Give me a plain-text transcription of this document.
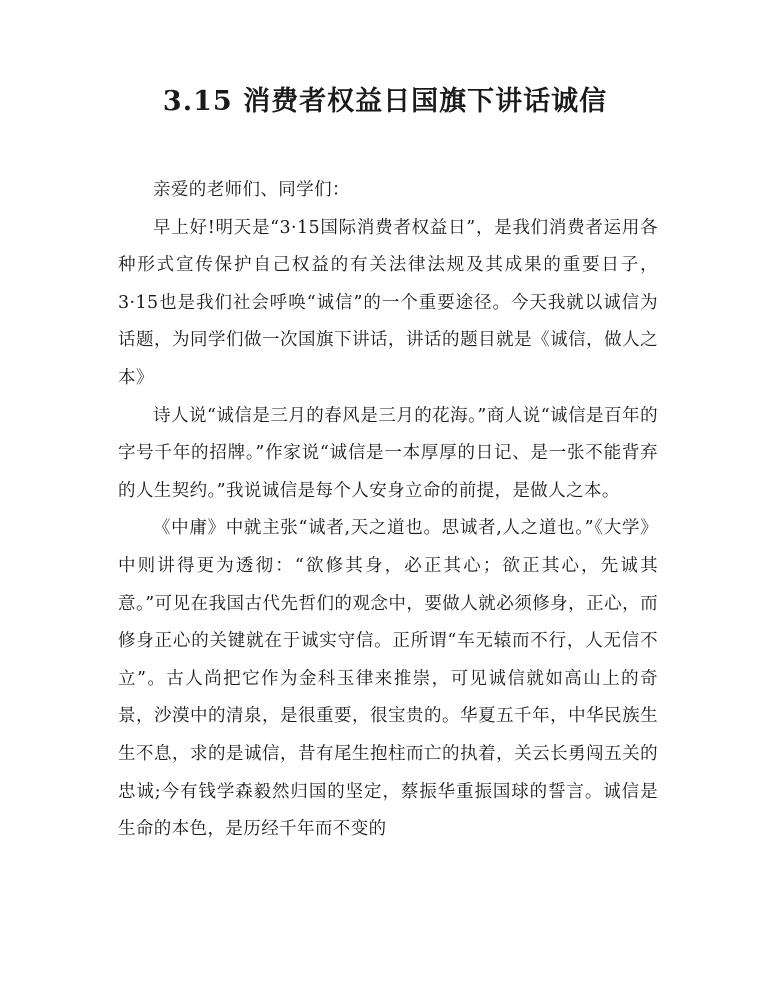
3.15 消费者权益日国旗下讲话诚信

亲爱的老师们、同学们：

早上好!明天是“3·15国际消费者权益日”，是我们消费者运用各种形式宣传保护自己权益的有关法律法规及其成果的重要日子，3·15也是我们社会呼唤“诚信”的一个重要途径。今天我就以诚信为话题，为同学们做一次国旗下讲话，讲话的题目就是《诚信，做人之本》

诗人说“诚信是三月的春风是三月的花海。”商人说“诚信是百年的字号千年的招牌。”作家说“诚信是一本厚厚的日记、是一张不能背弃的人生契约。”我说诚信是每个人安身立命的前提，是做人之本。

《中庸》中就主张“诚者,天之道也。思诚者,人之道也。”《大学》中则讲得更为透彻：“欲修其身，必正其心；欲正其心，先诚其意。”可见在我国古代先哲们的观念中，要做人就必须修身，正心，而修身正心的关键就在于诚实守信。正所谓“车无辕而不行，人无信不立”。古人尚把它作为金科玉律来推崇，可见诚信就如高山上的奇景，沙漠中的清泉，是很重要，很宝贵的。华夏五千年，中华民族生生不息，求的是诚信，昔有尾生抱柱而亡的执着，关云长勇闯五关的忠诚;今有钱学森毅然归国的坚定，蔡振华重振国球的誓言。诚信是生命的本色，是历经千年而不变的
